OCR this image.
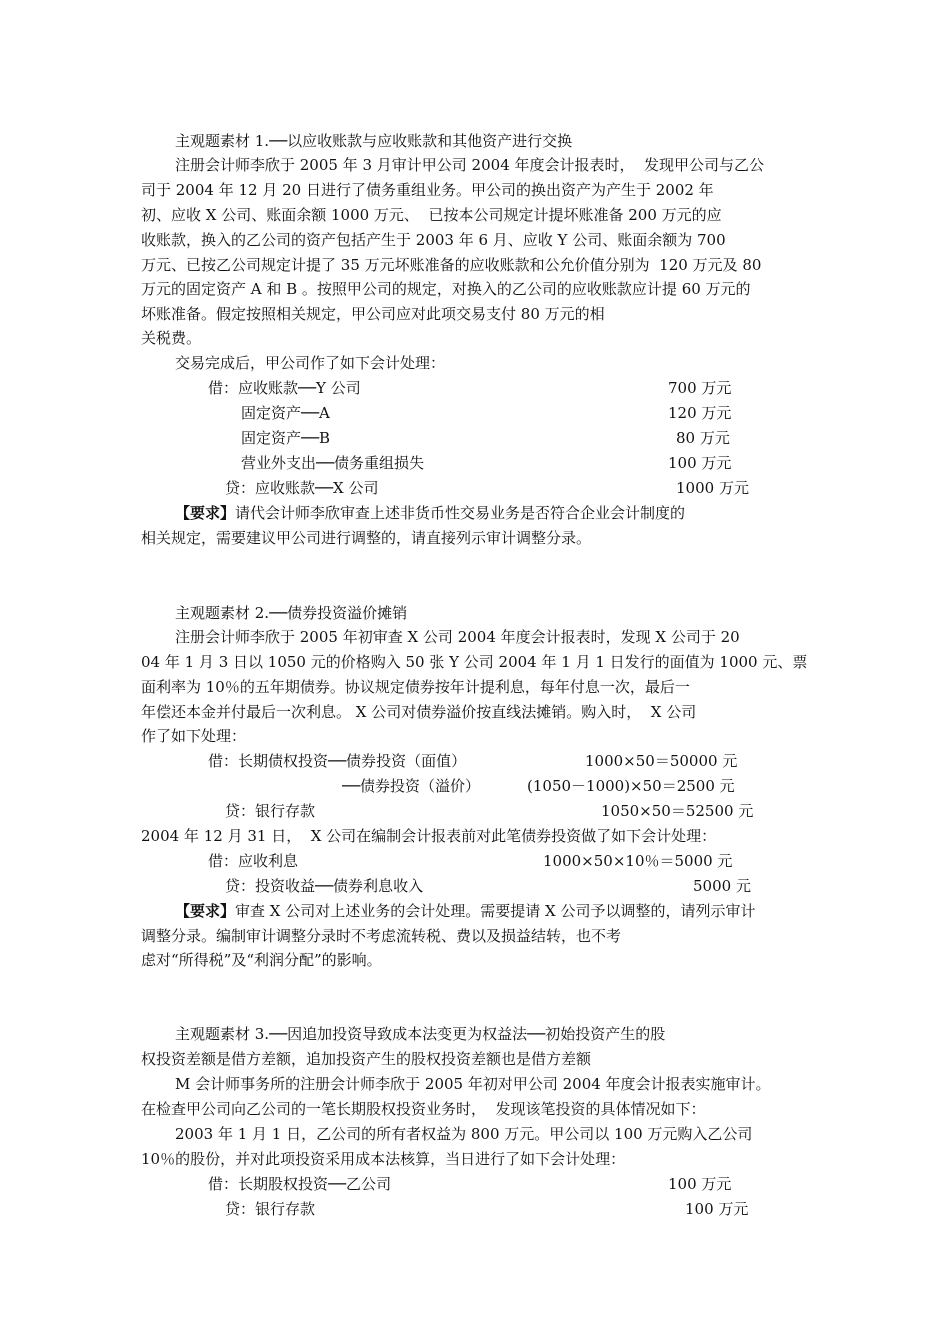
主观题素材 1.──以应收账款与应收账款和其他资产进行交换
注册会计师李欣于 2005 年 3 月审计甲公司 2004 年度会计报表时，  发现甲公司与乙公
司于 2004 年 12 月 20 日进行了债务重组业务。甲公司的换出资产为产生于 2002 年
初、应收 X 公司、账面余额 1000 万元、  已按本公司规定计提坏账准备 200 万元的应
收账款，换入的乙公司的资产包括产生于 2003 年 6 月、应收 Y 公司、账面余额为 700
万元、已按乙公司规定计提了 35 万元坏账准备的应收账款和公允价值分别为  120 万元及 80
万元的固定资产 A 和 B 。按照甲公司的规定，对换入的乙公司的应收账款应计提 60 万元的
坏账准备。假定按照相关规定，甲公司应对此项交易支付 80 万元的相
关税费。
交易完成后，甲公司作了如下会计处理：
借：应收账款──Y 公司	700 万元
固定资产──A	120 万元
固定资产──B	80 万元
营业外支出──债务重组损失	100 万元
贷：应收账款──X 公司	1000 万元
【要求】请代会计师李欣审查上述非货币性交易业务是否符合企业会计制度的
相关规定，需要建议甲公司进行调整的，请直接列示审计调整分录。
主观题素材 2.──债券投资溢价摊销
注册会计师李欣于 2005 年初审查 X 公司 2004 年度会计报表时，发现 X 公司于 20
04 年 1 月 3 日以 1050 元的价格购入 50 张 Y 公司 2004 年 1 月 1 日发行的面值为 1000 元、票
面利率为 10％的五年期债券。协议规定债券按年计提利息，每年付息一次，最后一
年偿还本金并付最后一次利息。 X 公司对债券溢价按直线法摊销。购入时，  X 公司
作了如下处理：
借：长期债权投资──债券投资（面值）	1000×50＝50000 元
──债券投资（溢价）	(1050－1000)×50＝2500 元
贷：银行存款	1050×50＝52500 元
2004 年 12 月 31 日，  X 公司在编制会计报表前对此笔债券投资做了如下会计处理：
借：应收利息	1000×50×10％＝5000 元
贷：投资收益──债券利息收入	5000 元
【要求】审查 X 公司对上述业务的会计处理。需要提请 X 公司予以调整的，请列示审计
调整分录。编制审计调整分录时不考虑流转税、费以及损益结转，也不考
虑对“所得税”及“利润分配”的影响。
主观题素材 3.──因追加投资导致成本法变更为权益法──初始投资产生的股
权投资差额是借方差额，追加投资产生的股权投资差额也是借方差额
M 会计师事务所的注册会计师李欣于 2005 年初对甲公司 2004 年度会计报表实施审计。
在检查甲公司向乙公司的一笔长期股权投资业务时，  发现该笔投资的具体情况如下：
2003 年 1 月 1 日，乙公司的所有者权益为 800 万元。甲公司以 100 万元购入乙公司
10％的股份，并对此项投资采用成本法核算，当日进行了如下会计处理：
借：长期股权投资──乙公司	100 万元
贷：银行存款	100 万元
